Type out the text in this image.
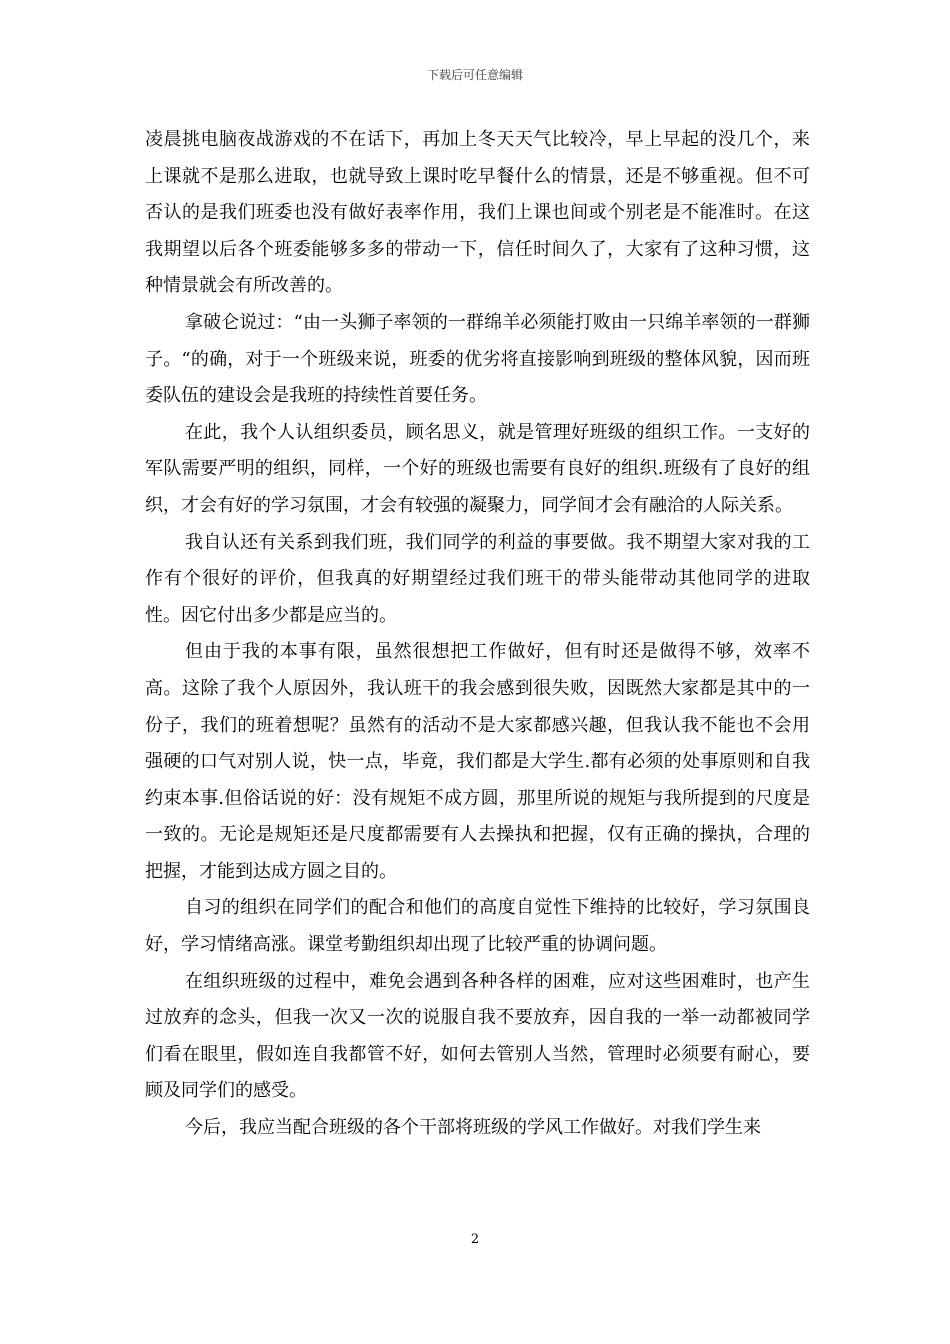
下载后可任意编辑

凌晨挑电脑夜战游戏的不在话下，再加上冬天天气比较冷，早上早起的没几个，来上课就不是那么进取，也就导致上课时吃早餐什么的情景，还是不够重视。但不可否认的是我们班委也没有做好表率作用，我们上课也间或个别老是不能准时。在这我期望以后各个班委能够多多的带动一下，信任时间久了，大家有了这种习惯，这种情景就会有所改善的。

拿破仑说过：“由一头狮子率领的一群绵羊必须能打败由一只绵羊率领的一群狮子。“的确，对于一个班级来说，班委的优劣将直接影响到班级的整体风貌，因而班委队伍的建设会是我班的持续性首要任务。

在此，我个人认组织委员，顾名思义，就是管理好班级的组织工作。一支好的军队需要严明的组织，同样，一个好的班级也需要有良好的组织.班级有了良好的组织，才会有好的学习氛围，才会有较强的凝聚力，同学间才会有融洽的人际关系。

我自认还有关系到我们班，我们同学的利益的事要做。我不期望大家对我的工作有个很好的评价，但我真的好期望经过我们班干的带头能带动其他同学的进取性。因它付出多少都是应当的。

但由于我的本事有限，虽然很想把工作做好，但有时还是做得不够，效率不高。这除了我个人原因外，我认班干的我会感到很失败，因既然大家都是其中的一份子，我们的班着想呢？虽然有的活动不是大家都感兴趣，但我认我不能也不会用强硬的口气对别人说，快一点，毕竟，我们都是大学生.都有必须的处事原则和自我约束本事.但俗话说的好：没有规矩不成方圆，那里所说的规矩与我所提到的尺度是一致的。无论是规矩还是尺度都需要有人去操执和把握，仅有正确的操执，合理的把握，才能到达成方圆之目的。

自习的组织在同学们的配合和他们的高度自觉性下维持的比较好，学习氛围良好，学习情绪高涨。课堂考勤组织却出现了比较严重的协调问题。

在组织班级的过程中，难免会遇到各种各样的困难，应对这些困难时，也产生过放弃的念头，但我一次又一次的说服自我不要放弃，因自我的一举一动都被同学们看在眼里，假如连自我都管不好，如何去管别人当然，管理时必须要有耐心，要顾及同学们的感受。

今后，我应当配合班级的各个干部将班级的学风工作做好。对我们学生来

2
